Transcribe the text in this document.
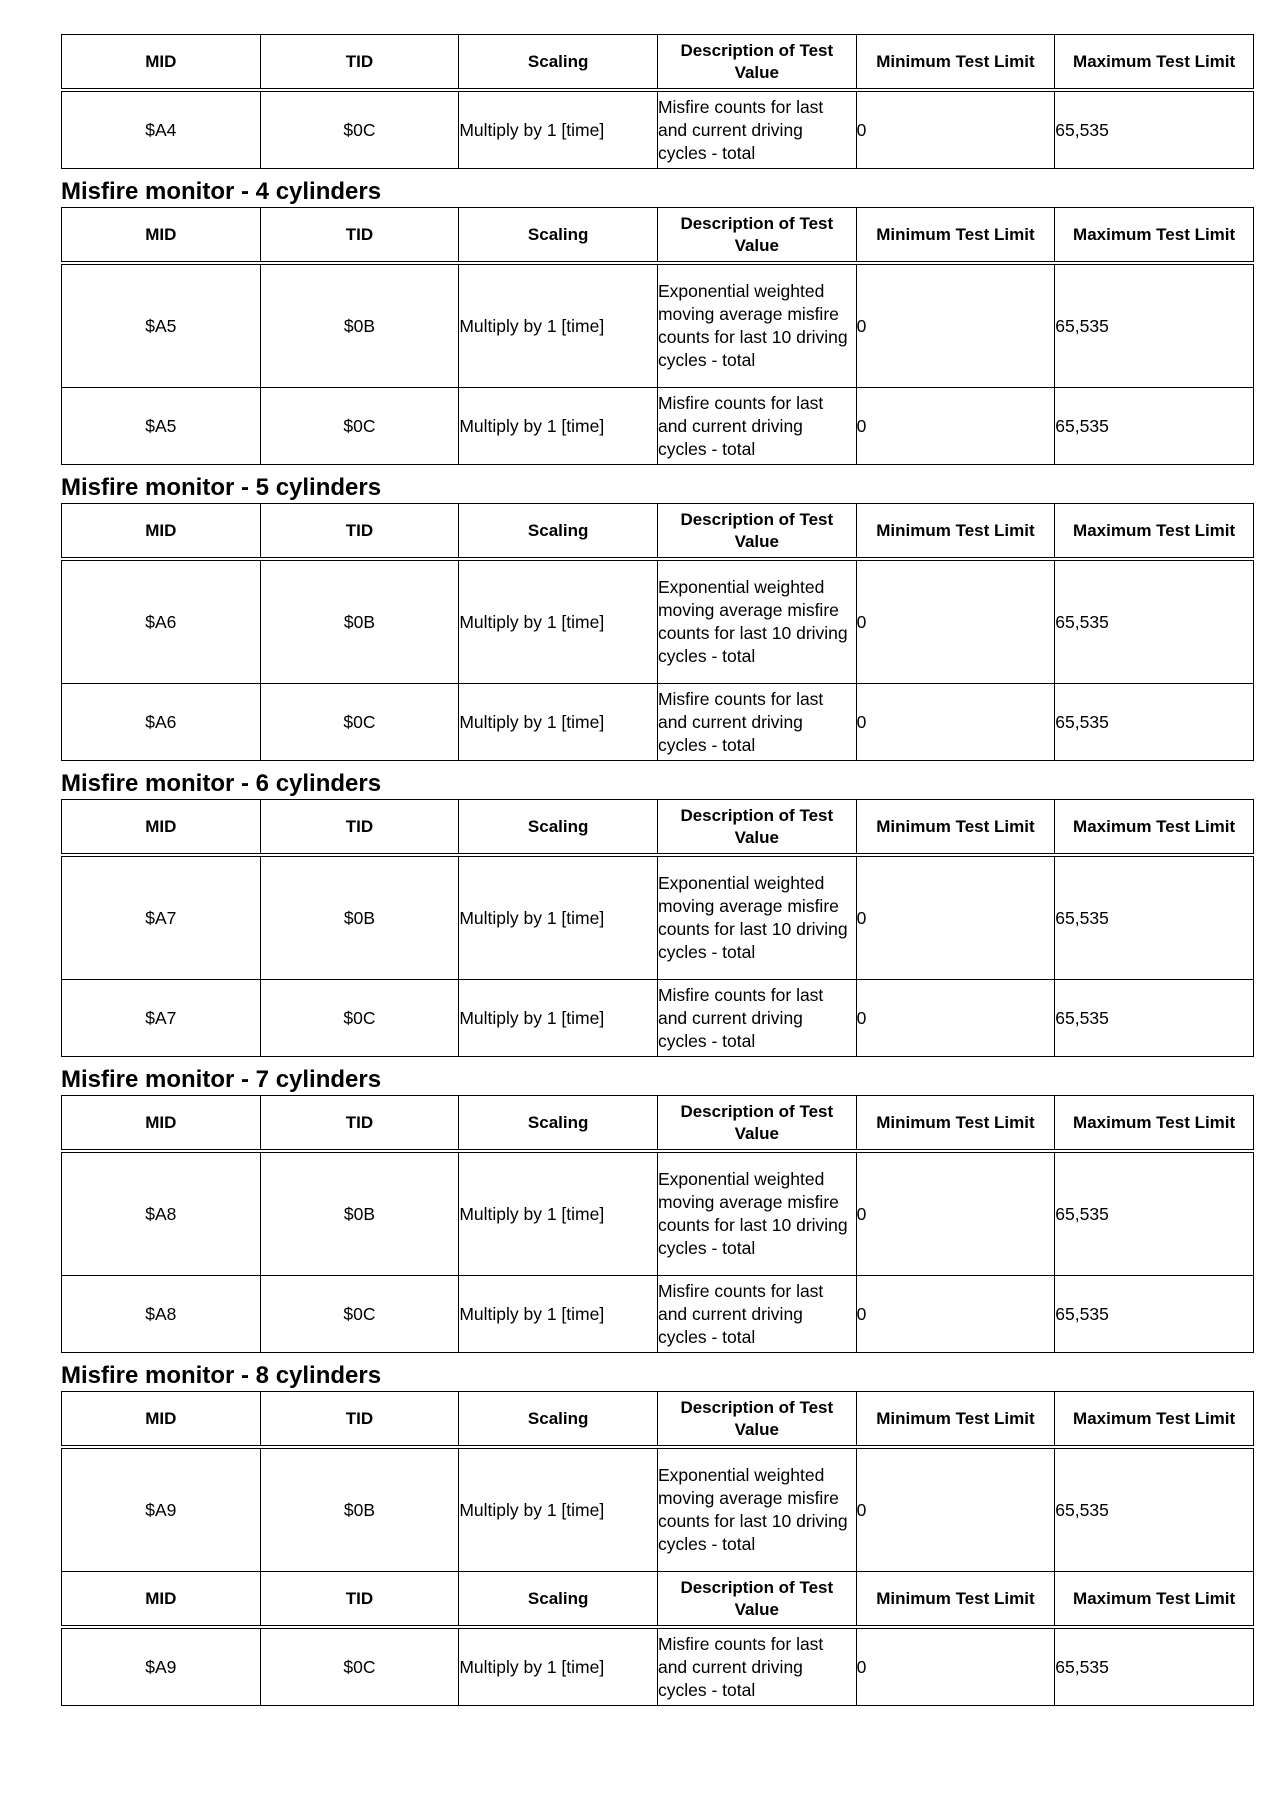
MID	TID	Scaling	Description of Test Value	Minimum Test Limit	Maximum Test Limit
$A4	$0C	Multiply by 1 [time]	Misfire counts for last and current driving cycles - total	0	65,535
Misfire monitor - 4 cylinders
MID	TID	Scaling	Description of Test Value	Minimum Test Limit	Maximum Test Limit
$A5	$0B	Multiply by 1 [time]	Exponential weighted moving average misfire counts for last 10 driving cycles - total	0	65,535
$A5	$0C	Multiply by 1 [time]	Misfire counts for last and current driving cycles - total	0	65,535
Misfire monitor - 5 cylinders
MID	TID	Scaling	Description of Test Value	Minimum Test Limit	Maximum Test Limit
$A6	$0B	Multiply by 1 [time]	Exponential weighted moving average misfire counts for last 10 driving cycles - total	0	65,535
$A6	$0C	Multiply by 1 [time]	Misfire counts for last and current driving cycles - total	0	65,535
Misfire monitor - 6 cylinders
MID	TID	Scaling	Description of Test Value	Minimum Test Limit	Maximum Test Limit
$A7	$0B	Multiply by 1 [time]	Exponential weighted moving average misfire counts for last 10 driving cycles - total	0	65,535
$A7	$0C	Multiply by 1 [time]	Misfire counts for last and current driving cycles - total	0	65,535
Misfire monitor - 7 cylinders
MID	TID	Scaling	Description of Test Value	Minimum Test Limit	Maximum Test Limit
$A8	$0B	Multiply by 1 [time]	Exponential weighted moving average misfire counts for last 10 driving cycles - total	0	65,535
$A8	$0C	Multiply by 1 [time]	Misfire counts for last and current driving cycles - total	0	65,535
Misfire monitor - 8 cylinders
MID	TID	Scaling	Description of Test Value	Minimum Test Limit	Maximum Test Limit
$A9	$0B	Multiply by 1 [time]	Exponential weighted moving average misfire counts for last 10 driving cycles - total	0	65,535
MID	TID	Scaling	Description of Test Value	Minimum Test Limit	Maximum Test Limit
$A9	$0C	Multiply by 1 [time]	Misfire counts for last and current driving cycles - total	0	65,535
